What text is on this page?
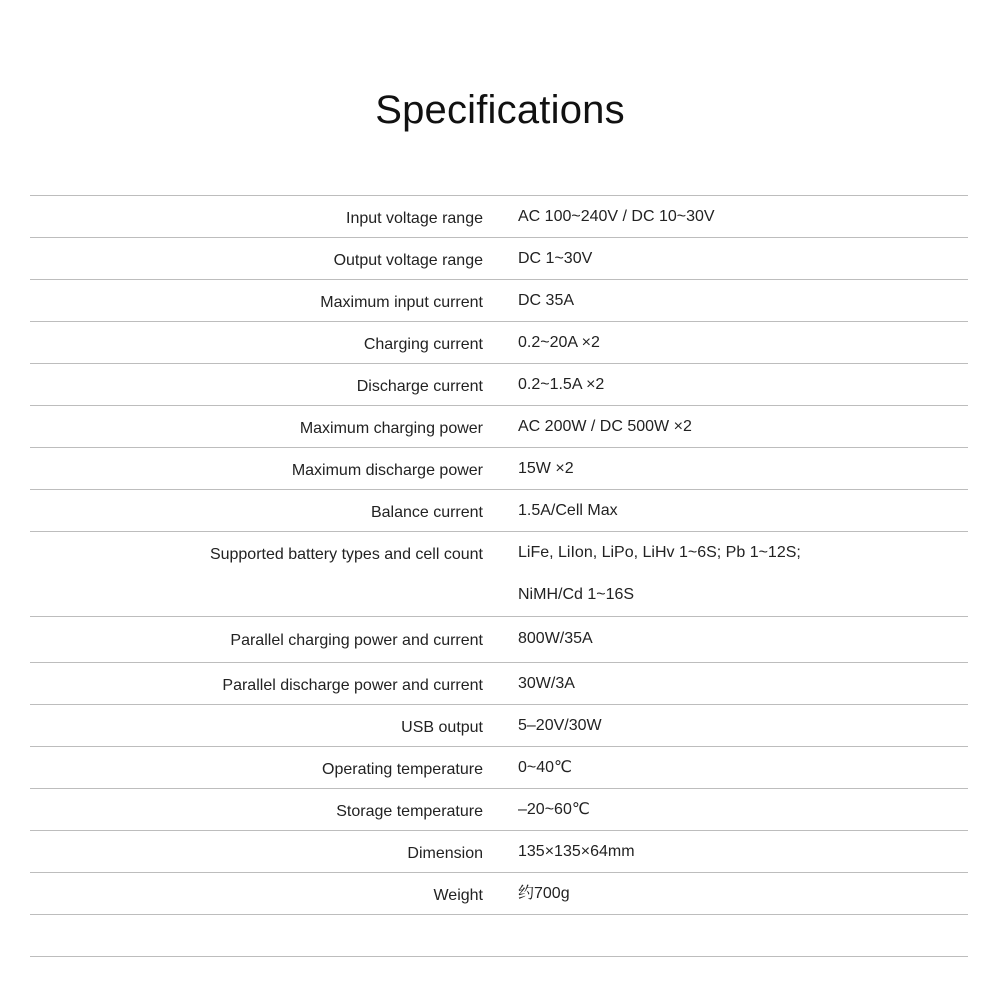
Specifications
Input voltage range AC 100~240V / DC 10~30V
Output voltage range DC 1~30V
Maximum input current DC 35A
Charging current 0.2~20A ×2
Discharge current 0.2~1.5A ×2
Maximum charging power AC 200W / DC 500W ×2
Maximum discharge power 15W ×2
Balance current 1.5A/Cell Max
Supported battery types and cell count LiFe, LiIon, LiPo, LiHv 1~6S; Pb 1~12S;
NiMH/Cd 1~16S
Parallel charging power and current 800W/35A
Parallel discharge power and current 30W/3A
USB output 5–20V/30W
Operating temperature 0~40℃
Storage temperature –20~60℃
Dimension 135×135×64mm
Weight 约700g
